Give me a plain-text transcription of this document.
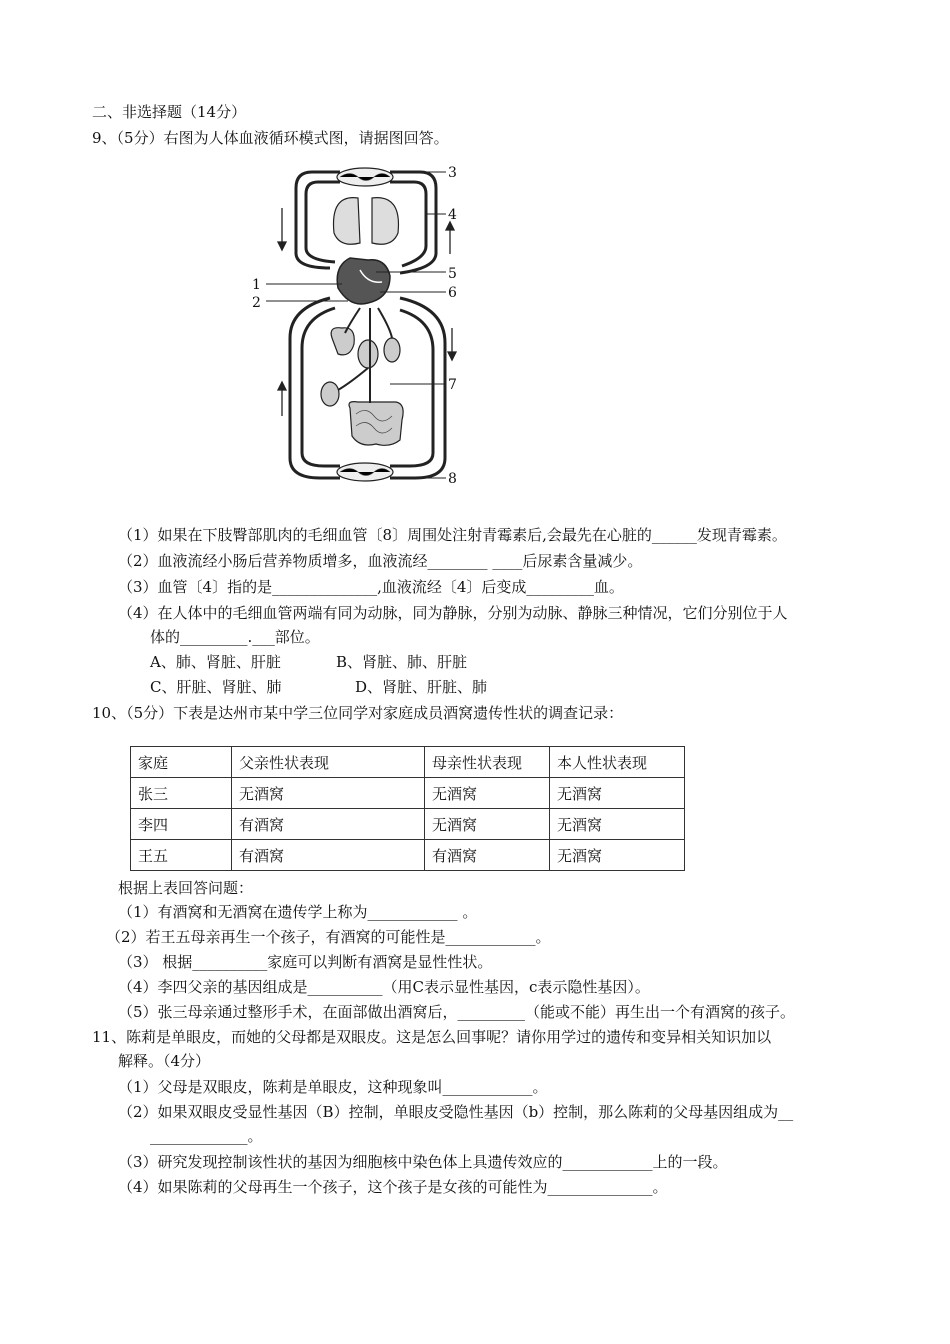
二、非选择题（14分）
9、（5分）右图为人体血液循环模式图，请据图回答。
3
4
5
6
1
2
7
8
（1）如果在下肢臀部肌肉的毛细血管〔8〕周围处注射青霉素后,会最先在心脏的______发现青霉素。
（2）血液流经小肠后营养物质增多，血液流经________ ____后尿素含量减少。
（3）血管〔4〕指的是______________,血液流经〔4〕后变成_________血。
（4）在人体中的毛细血管两端有同为动脉，同为静脉，分别为动脉、静脉三种情况，它们分别位于人
体的_________.___部位。
A、肺、肾脏、肝脏	B、肾脏、肺、肝脏
C、肝脏、肾脏、肺	D、肾脏、肝脏、肺
10、（5分）下表是达州市某中学三位同学对家庭成员酒窝遗传性状的调查记录：
家庭	父亲性状表现	母亲性状表现	本人性状表现
张三	无酒窝	无酒窝	无酒窝
李四	有酒窝	无酒窝	无酒窝
王五	有酒窝	有酒窝	无酒窝
根据上表回答问题：
（1）有酒窝和无酒窝在遗传学上称为____________ 。
（2）若王五母亲再生一个孩子，有酒窝的可能性是____________。
（3） 根据__________家庭可以判断有酒窝是显性性状。
（4）李四父亲的基因组成是__________（用C表示显性基因，c表示隐性基因）。
（5）张三母亲通过整形手术，在面部做出酒窝后，_________（能或不能）再生出一个有酒窝的孩子。
11、陈莉是单眼皮，而她的父母都是双眼皮。这是怎么回事呢？请你用学过的遗传和变异相关知识加以
解释。（4分）
（1）父母是双眼皮，陈莉是单眼皮，这种现象叫____________。
（2）如果双眼皮受显性基因（B）控制，单眼皮受隐性基因（b）控制，那么陈莉的父母基因组成为__
_____________。
（3）研究发现控制该性状的基因为细胞核中染色体上具遗传效应的____________上的一段。
（4）如果陈莉的父母再生一个孩子，这个孩子是女孩的可能性为______________。
